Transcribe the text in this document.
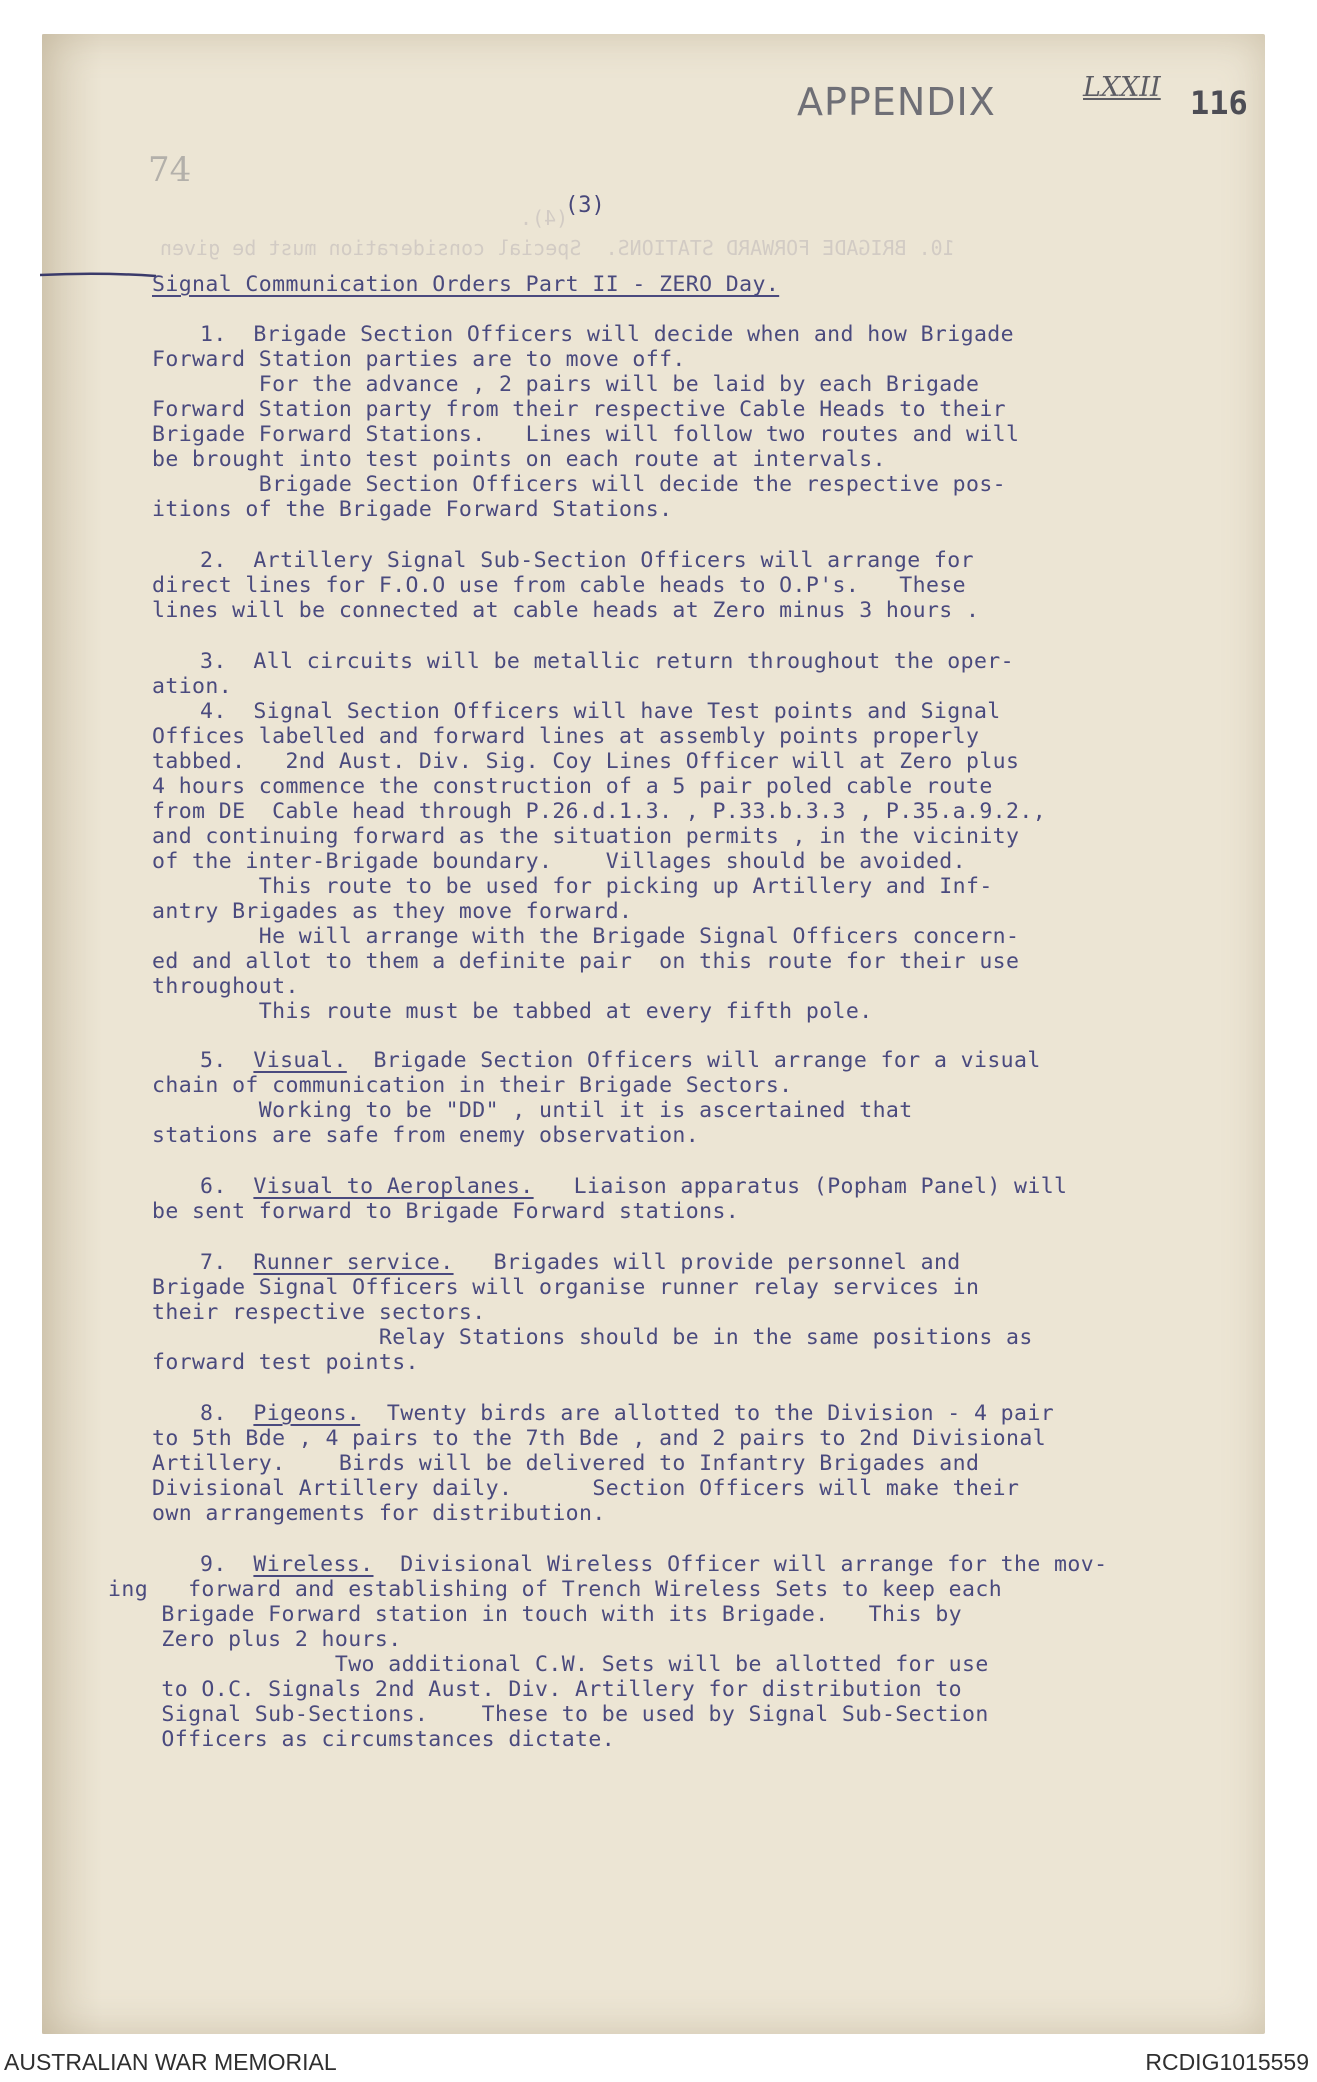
(4).
10. BRIGADE FORWARD STATIONS.  Special consideration must be given
74
APPENDIX	LXXII 116
(3)
Signal Communication Orders Part II - ZERO Day.
1.  Brigade Section Officers will decide when and how Brigade
Forward Station parties are to move off.
For the advance , 2 pairs will be laid by each Brigade
Forward Station party from their respective Cable Heads to their
Brigade Forward Stations.   Lines will follow two routes and will
be brought into test points on each route at intervals.
Brigade Section Officers will decide the respective pos-
itions of the Brigade Forward Stations.
2.  Artillery Signal Sub-Section Officers will arrange for
direct lines for F.O.O use from cable heads to O.P's.   These
lines will be connected at cable heads at Zero minus 3 hours .
3.  All circuits will be metallic return throughout the oper-
ation.
4.  Signal Section Officers will have Test points and Signal
Offices labelled and forward lines at assembly points properly
tabbed.   2nd Aust. Div. Sig. Coy Lines Officer will at Zero plus
4 hours commence the construction of a 5 pair poled cable route
from DE  Cable head through P.26.d.1.3. , P.33.b.3.3 , P.35.a.9.2.,
and continuing forward as the situation permits , in the vicinity
of the inter-Brigade boundary.    Villages should be avoided.
This route to be used for picking up Artillery and Inf-
antry Brigades as they move forward.
He will arrange with the Brigade Signal Officers concern-
ed and allot to them a definite pair  on this route for their use
throughout.
This route must be tabbed at every fifth pole.
5.  Visual.  Brigade Section Officers will arrange for a visual
chain of communication in their Brigade Sectors.
Working to be "DD" , until it is ascertained that
stations are safe from enemy observation.
6.  Visual to Aeroplanes.   Liaison apparatus (Popham Panel) will
be sent forward to Brigade Forward stations.
7.  Runner service.   Brigades will provide personnel and
Brigade Signal Officers will organise runner relay services in
their respective sectors.
Relay Stations should be in the same positions as
forward test points.
8.  Pigeons.  Twenty birds are allotted to the Division - 4 pair
to 5th Bde , 4 pairs to the 7th Bde , and 2 pairs to 2nd Divisional
Artillery.    Birds will be delivered to Infantry Brigades and
Divisional Artillery daily.      Section Officers will make their
own arrangements for distribution.
9.  Wireless.  Divisional Wireless Officer will arrange for the mov-
ing   forward and establishing of Trench Wireless Sets to keep each
Brigade Forward station in touch with its Brigade.   This by
Zero plus 2 hours.
Two additional C.W. Sets will be allotted for use
to O.C. Signals 2nd Aust. Div. Artillery for distribution to
Signal Sub-Sections.    These to be used by Signal Sub-Section
Officers as circumstances dictate.
AUSTRALIAN WAR MEMORIAL	RCDIG1015559
